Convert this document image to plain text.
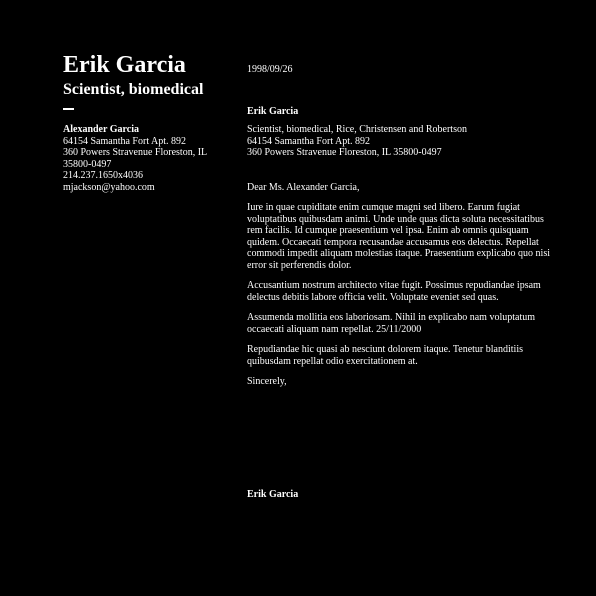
Erik Garcia
Scientist, biomedical
Alexander Garcia
64154 Samantha Fort Apt. 892
360 Powers Stravenue Floreston, IL
35800-0497
214.237.1650x4036
mjackson@yahoo.com
1998/09/26
Erik Garcia
Scientist, biomedical, Rice, Christensen and Robertson
64154 Samantha Fort Apt. 892
360 Powers Stravenue Floreston, IL 35800-0497
Dear Ms. Alexander Garcia,
Iure in quae cupiditate enim cumque magni sed libero. Earum fugiat voluptatibus quibusdam animi. Unde unde quas dicta soluta necessitatibus rem facilis. Id cumque praesentium vel ipsa. Enim ab omnis quisquam quidem. Occaecati tempora recusandae accusamus eos delectus. Repellat commodi impedit aliquam molestias itaque. Praesentium explicabo quo nisi error sit perferendis dolor.
Accusantium nostrum architecto vitae fugit. Possimus repudiandae ipsam delectus debitis labore officia velit. Voluptate eveniet sed quas.
Assumenda mollitia eos laboriosam. Nihil in explicabo nam voluptatum occaecati aliquam nam repellat. 25/11/2000
Repudiandae hic quasi ab nesciunt dolorem itaque. Tenetur blanditiis quibusdam repellat odio exercitationem at.
Sincerely,
Erik Garcia
